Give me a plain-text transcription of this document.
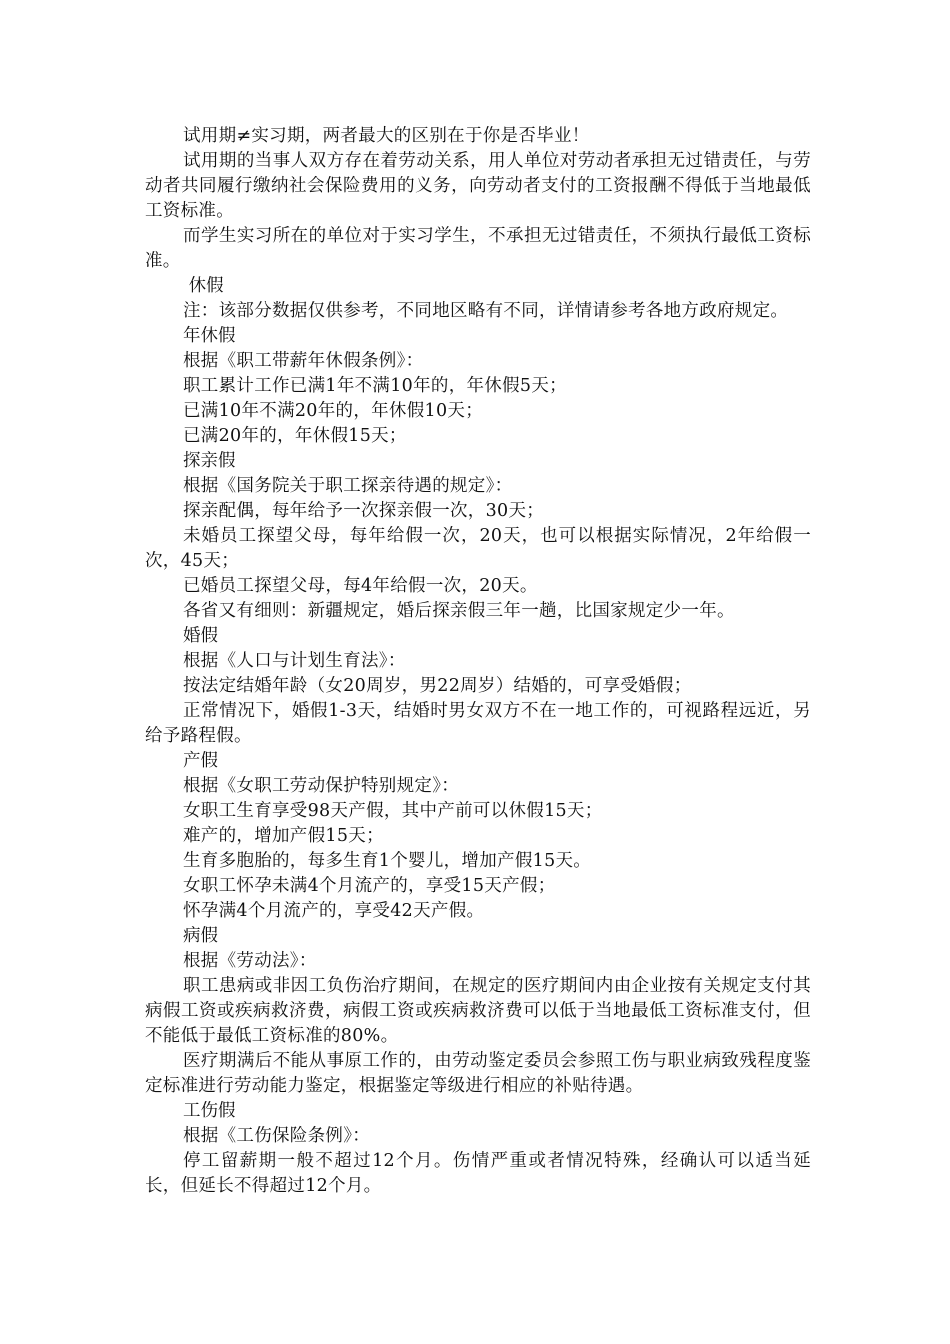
试用期≠实习期，两者最大的区别在于你是否毕业！

试用期的当事人双方存在着劳动关系，用人单位对劳动者承担无过错责任，与劳动者共同履行缴纳社会保险费用的义务，向劳动者支付的工资报酬不得低于当地最低工资标准。

而学生实习所在的单位对于实习学生，不承担无过错责任，不须执行最低工资标准。

休假

注：该部分数据仅供参考，不同地区略有不同，详情请参考各地方政府规定。

年休假

根据《职工带薪年休假条例》：

职工累计工作已满1年不满10年的，年休假5天；

已满10年不满20年的，年休假10天；

已满20年的，年休假15天；

探亲假

根据《国务院关于职工探亲待遇的规定》：

探亲配偶，每年给予一次探亲假一次，30天；

未婚员工探望父母，每年给假一次，20天，也可以根据实际情况，2年给假一次，45天；

已婚员工探望父母，每4年给假一次，20天。

各省又有细则：新疆规定，婚后探亲假三年一趟，比国家规定少一年。

婚假

根据《人口与计划生育法》：

按法定结婚年龄（女20周岁，男22周岁）结婚的，可享受婚假；

正常情况下，婚假1-3天，结婚时男女双方不在一地工作的，可视路程远近，另给予路程假。

产假

根据《女职工劳动保护特别规定》：

女职工生育享受98天产假，其中产前可以休假15天；

难产的，增加产假15天；

生育多胞胎的，每多生育1个婴儿，增加产假15天。

女职工怀孕未满4个月流产的，享受15天产假；

怀孕满4个月流产的，享受42天产假。

病假

根据《劳动法》：

职工患病或非因工负伤治疗期间，在规定的医疗期间内由企业按有关规定支付其病假工资或疾病救济费，病假工资或疾病救济费可以低于当地最低工资标准支付，但不能低于最低工资标准的80%。

医疗期满后不能从事原工作的，由劳动鉴定委员会参照工伤与职业病致残程度鉴定标准进行劳动能力鉴定，根据鉴定等级进行相应的补贴待遇。

工伤假

根据《工伤保险条例》：

停工留薪期一般不超过12个月。伤情严重或者情况特殊，经确认可以适当延长，但延长不得超过12个月。
